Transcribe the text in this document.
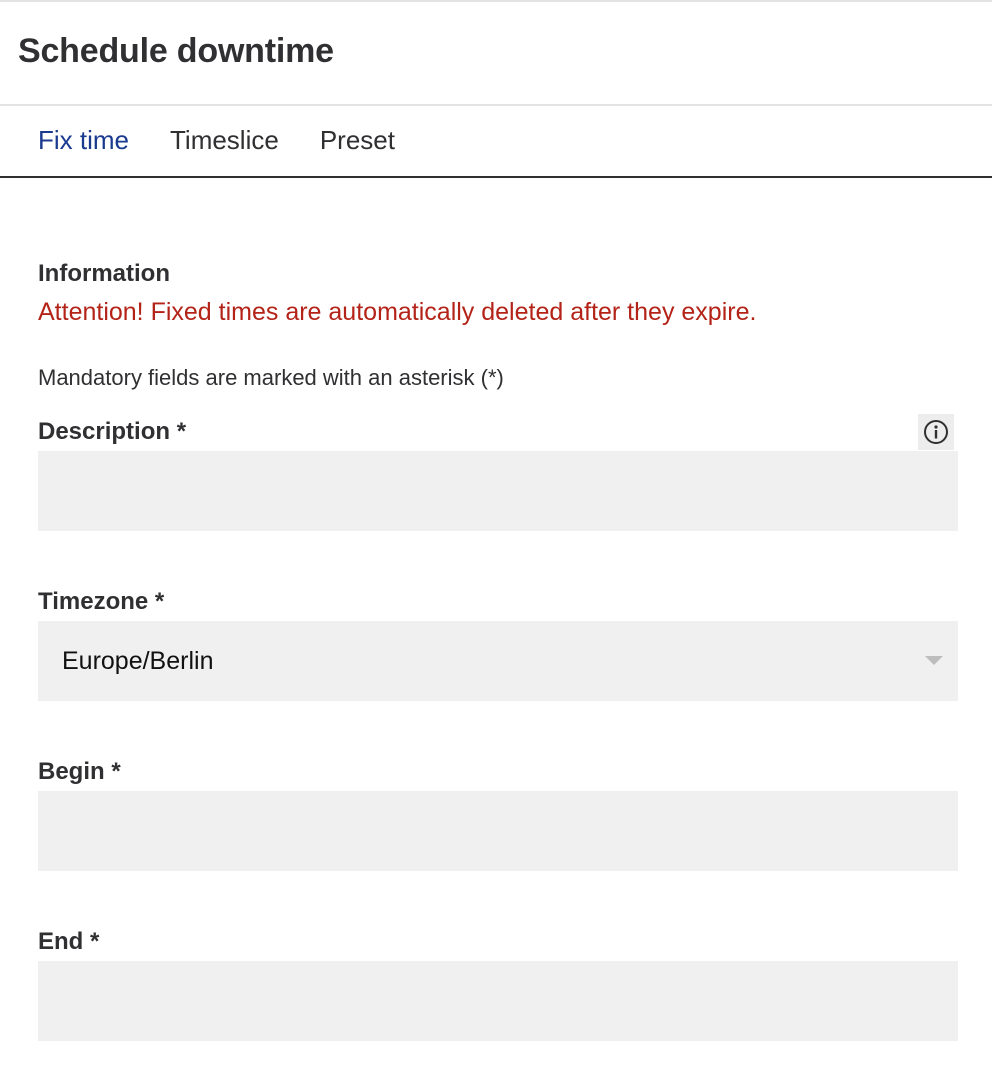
Schedule downtime
Fix time Timeslice Preset
Information
Attention! Fixed times are automatically deleted after they expire.
Mandatory fields are marked with an asterisk (*)
Description *
Timezone *
Europe/Berlin
Begin *
End *
